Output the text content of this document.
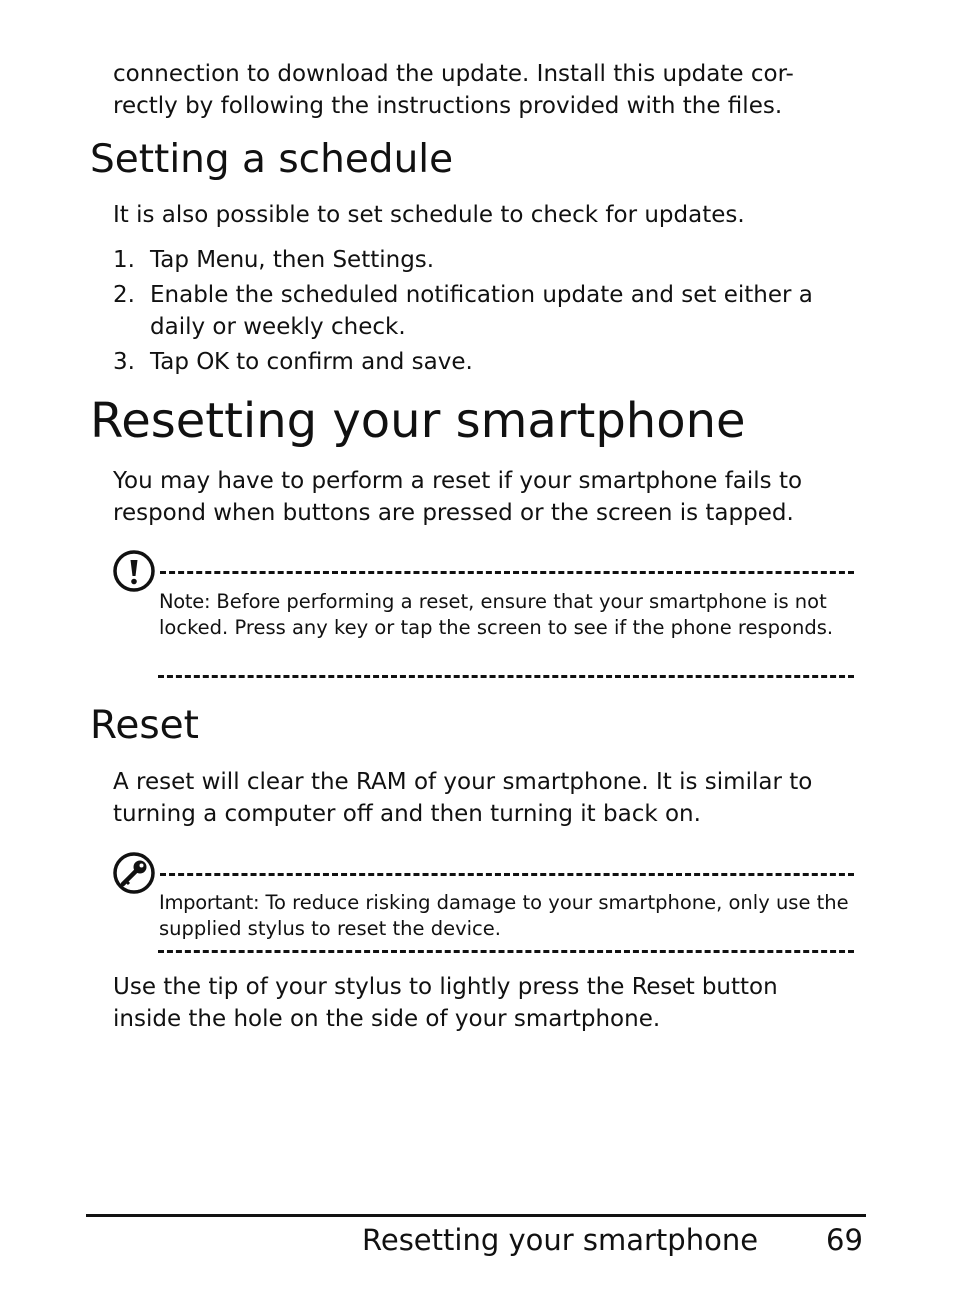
connection to download the update. Install this update cor-
rectly by following the instructions provided with the files.
Setting a schedule
It is also possible to set schedule to check for updates.
1. Tap Menu, then Settings.
2. Enable the scheduled notification update and set either a daily or weekly check.
3. Tap OK to confirm and save.
Resetting your smartphone
You may have to perform a reset if your smartphone fails to respond when buttons are pressed or the screen is tapped.
Note: Before performing a reset, ensure that your smartphone is not locked. Press any key or tap the screen to see if the phone responds.
Reset
A reset will clear the RAM of your smartphone. It is similar to turning a computer off and then turning it back on.
Important: To reduce risking damage to your smartphone, only use the supplied stylus to reset the device.
Use the tip of your stylus to lightly press the Reset button inside the hole on the side of your smartphone.
Resetting your smartphone 69
